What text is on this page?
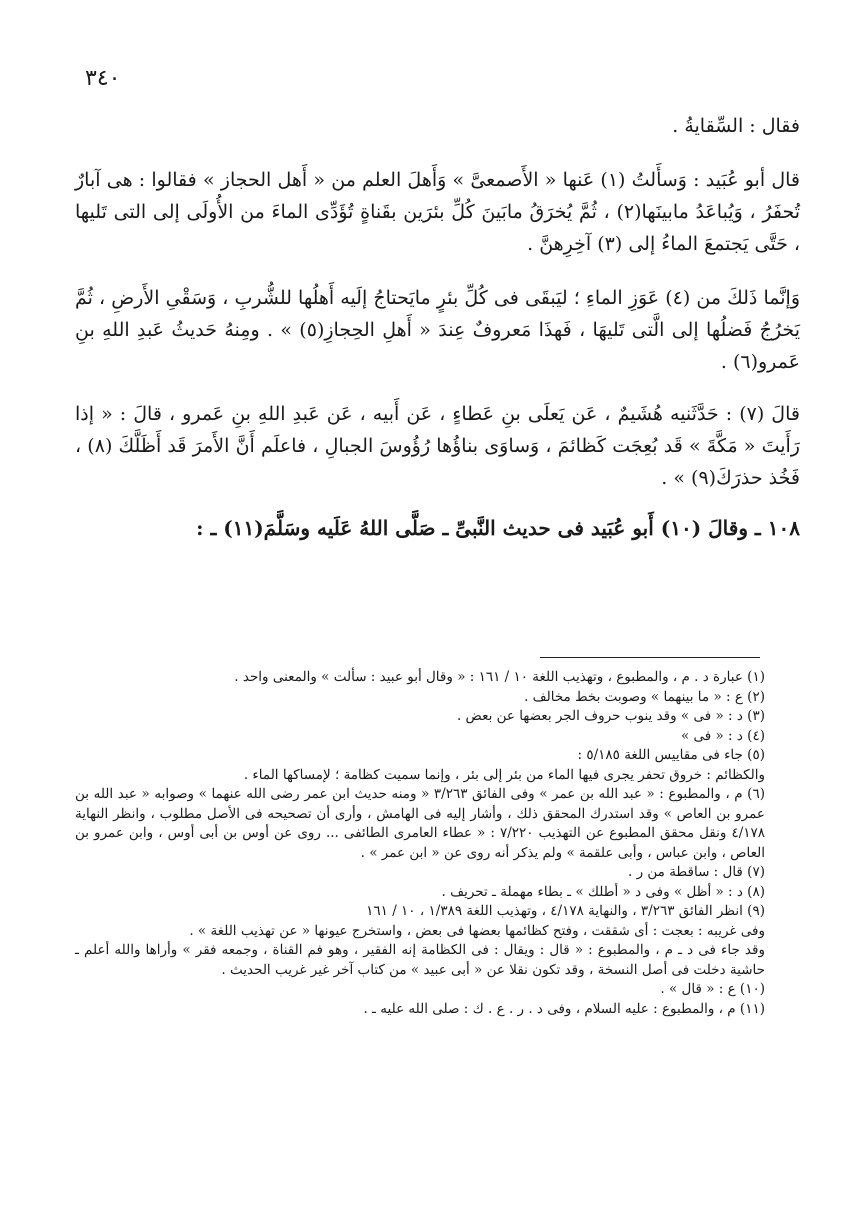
٣٤٠

فقال : السِّقايةُ .

قال أبو عُبَيد : وَسأَلتُ (١) عَنها « الأَصمعىَّ » وَأَهلَ العلم من « أَهل الحجاز » فقالوا : هى آبارٌ تُحفَرُ ، وَيُباعَدُ مابينَها(٢) ، ثُمَّ يُخرَقُ مابَينَ كُلِّ بئرَين بقَناةٍ تُؤَدِّى الماءَ من الأُولَى إلى التى تَليها ، حَتَّى يَجتمعَ الماءُ إلى (٣) آخِرِهنَّ .

وَإنَّما ذَلكَ من (٤) عَوَزِ الماءِ ؛ ليَبقَى فى كُلِّ بئرٍ مايَحتاجُ إلَيه أَهلُها للشُّربِ ، وَسَقْىِ الأَرضِ ، ثُمَّ يَخرُجُ فَضلُها إلى الَّتى تَليهَا ، فَهذَا مَعروفٌ عِندَ « أَهلِ الحِجازِ(٥) » . ومِنهُ حَديثُ عَبدِ اللهِ بنِ عَمرو(٦) .

قالَ (٧) : حَدَّثَنيه هُشَيمٌ ، عَن يَعلَى بنِ عَطاءٍ ، عَن أَبيه ، عَن عَبدِ اللهِ بنِ عَمرو ، قالَ : « إذا رَأَيتَ « مَكَّةَ » قَد بُعِجَت كَظائمَ ، وَساوَى بناؤُها رُؤُوسَ الجبالِ ، فاعلَم أَنَّ الأَمرَ قَد أَظَلَّكَ (٨) ، فَخُذ حذرَكَ(٩) » .

١٠٨ ـ وقالَ (١٠) أَبو عُبَيد فى حديث النَّبىِّ ـ صَلَّى اللهُ عَلَيه وسَلَّمَ(١١) ـ :

(١) عبارة د . م ، والمطبوع ، وتهذيب اللغة ١٠ / ١٦١ : « وقال أبو عبيد : سألت » والمعنى واحد .

(٢) ع : « ما بينهما » وصوبت بخط مخالف .

(٣) د : « فى » وقد ينوب حروف الجر بعضها عن بعض .

(٤) د : « فى »

(٥) جاء فى مقاييس اللغة ٥/١٨٥ :

والكظائم : خروق تحفر يجرى فيها الماء من بئر إلى بئر ، وإنما سميت كظامة ؛ لإمساكها الماء .

(٦) م ، والمطبوع : « عبد الله بن عمر » وفى الفائق ٣/٢٦٣ « ومنه حديث ابن عمر رضى الله عنهما » وصوابه « عبد الله بن عمرو بن العاص » وقد استدرك المحقق ذلك ، وأشار إليه فى الهامش ، وأرى أن تصحيحه فى الأصل مطلوب ، وانظر النهاية ٤/١٧٨ ونقل محقق المطبوع عن التهذيب ٧/٢٢٠ : « عطاء العامرى الطائفى ... روى عن أوس بن أبى أوس ، وابن عمرو بن العاص ، وابن عباس ، وأبى علقمة » ولم يذكر أنه روى عن « ابن عمر » .

(٧) قال : ساقطة من ر .

(٨) د : « أظل » وفى د « أطلك » ـ بطاء مهملة ـ تحريف .

(٩) انظر الفائق ٣/٢٦٣ ، والنهاية ٤/١٧٨ ، وتهذيب اللغة ١/٣٨٩ ، ١٠ / ١٦١

وفى غريبه : بعجت : أى شققت ، وفتح كظائمها بعضها فى بعض ، واستخرج عيونها « عن تهذيب اللغة » .

وقد جاء فى د ـ م ، والمطبوع : « قال : ويقال : فى الكظامة إنه الفقير ، وهو فم القناة ، وجمعه فقر » وأراها والله أعلم ـ حاشية دخلت فى أصل النسخة ، وقد تكون نقلا عن « أبى عبيد » من كتاب آخر غير غريب الحديث .

(١٠) ع : « قال » .

(١١) م ، والمطبوع : عليه السلام ، وفى د . ر . ع . ك : صلى الله عليه ـ .
